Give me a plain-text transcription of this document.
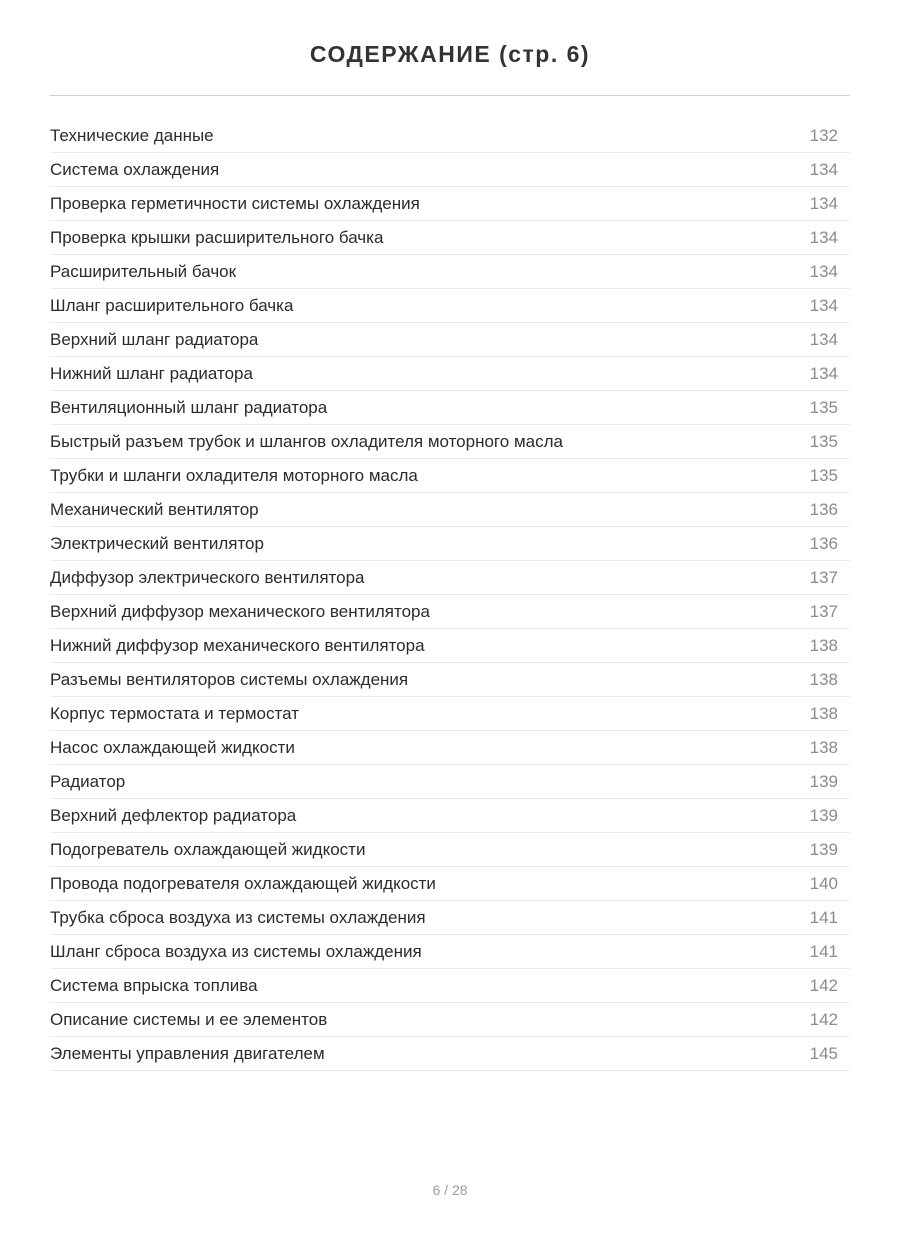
СОДЕРЖАНИЕ (стр. 6)
Технические данные	132
Система охлаждения	134
Проверка герметичности системы охлаждения	134
Проверка крышки расширительного бачка	134
Расширительный бачок	134
Шланг расширительного бачка	134
Верхний шланг радиатора	134
Нижний шланг радиатора	134
Вентиляционный шланг радиатора	135
Быстрый разъем трубок и шлангов охладителя моторного масла	135
Трубки и шланги охладителя моторного масла	135
Механический вентилятор	136
Электрический вентилятор	136
Диффузор электрического вентилятора	137
Верхний диффузор механического вентилятора	137
Нижний диффузор механического вентилятора	138
Разъемы вентиляторов системы охлаждения	138
Корпус термостата и термостат	138
Насос охлаждающей жидкости	138
Радиатор	139
Верхний дефлектор радиатора	139
Подогреватель охлаждающей жидкости	139
Провода подогревателя охлаждающей жидкости	140
Трубка сброса воздуха из системы охлаждения	141
Шланг сброса воздуха из системы охлаждения	141
Система впрыска топлива	142
Описание системы и ее элементов	142
Элементы управления двигателем	145
6 / 28
